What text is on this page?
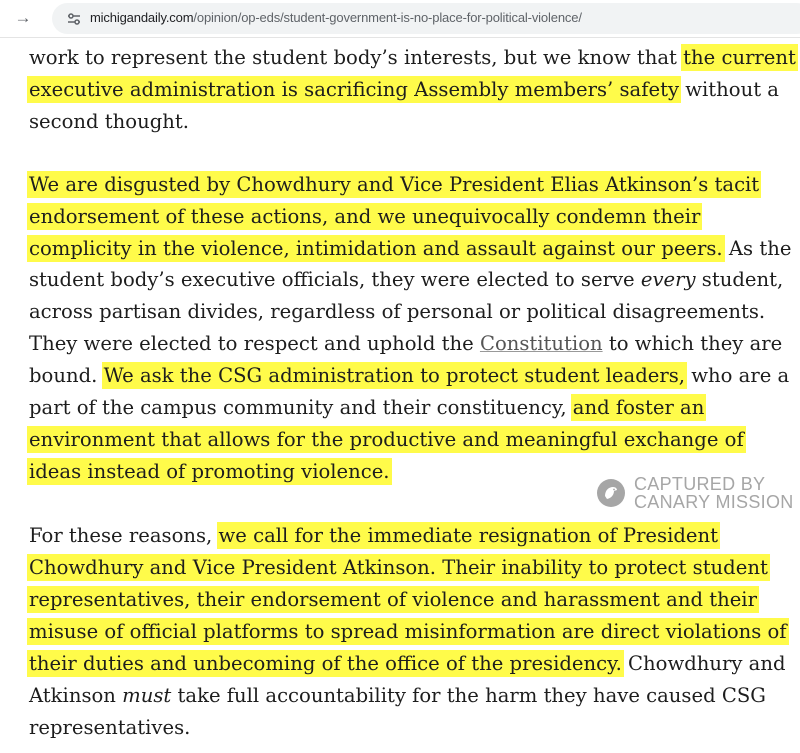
→	michigandaily.com/opinion/op-eds/student-government-is-no-place-for-political-violence/
work to represent the student body’s interests, but we know that the current
executive administration is sacrificing Assembly members’ safety without a
second thought.
We are disgusted by Chowdhury and Vice President Elias Atkinson’s tacit
endorsement of these actions, and we unequivocally condemn their
complicity in the violence, intimidation and assault against our peers. As the
student body’s executive officials, they were elected to serve every student,
across partisan divides, regardless of personal or political disagreements.
They were elected to respect and uphold the Constitution to which they are
bound. We ask the CSG administration to protect student leaders, who are a
part of the campus community and their constituency, and foster an
environment that allows for the productive and meaningful exchange of
ideas instead of promoting violence.
For these reasons, we call for the immediate resignation of President
Chowdhury and Vice President Atkinson. Their inability to protect student
representatives, their endorsement of violence and harassment and their
misuse of official platforms to spread misinformation are direct violations of
their duties and unbecoming of the office of the presidency. Chowdhury and
Atkinson must take full accountability for the harm they have caused CSG
representatives.
CAPTURED BY
CANARY MISSION
